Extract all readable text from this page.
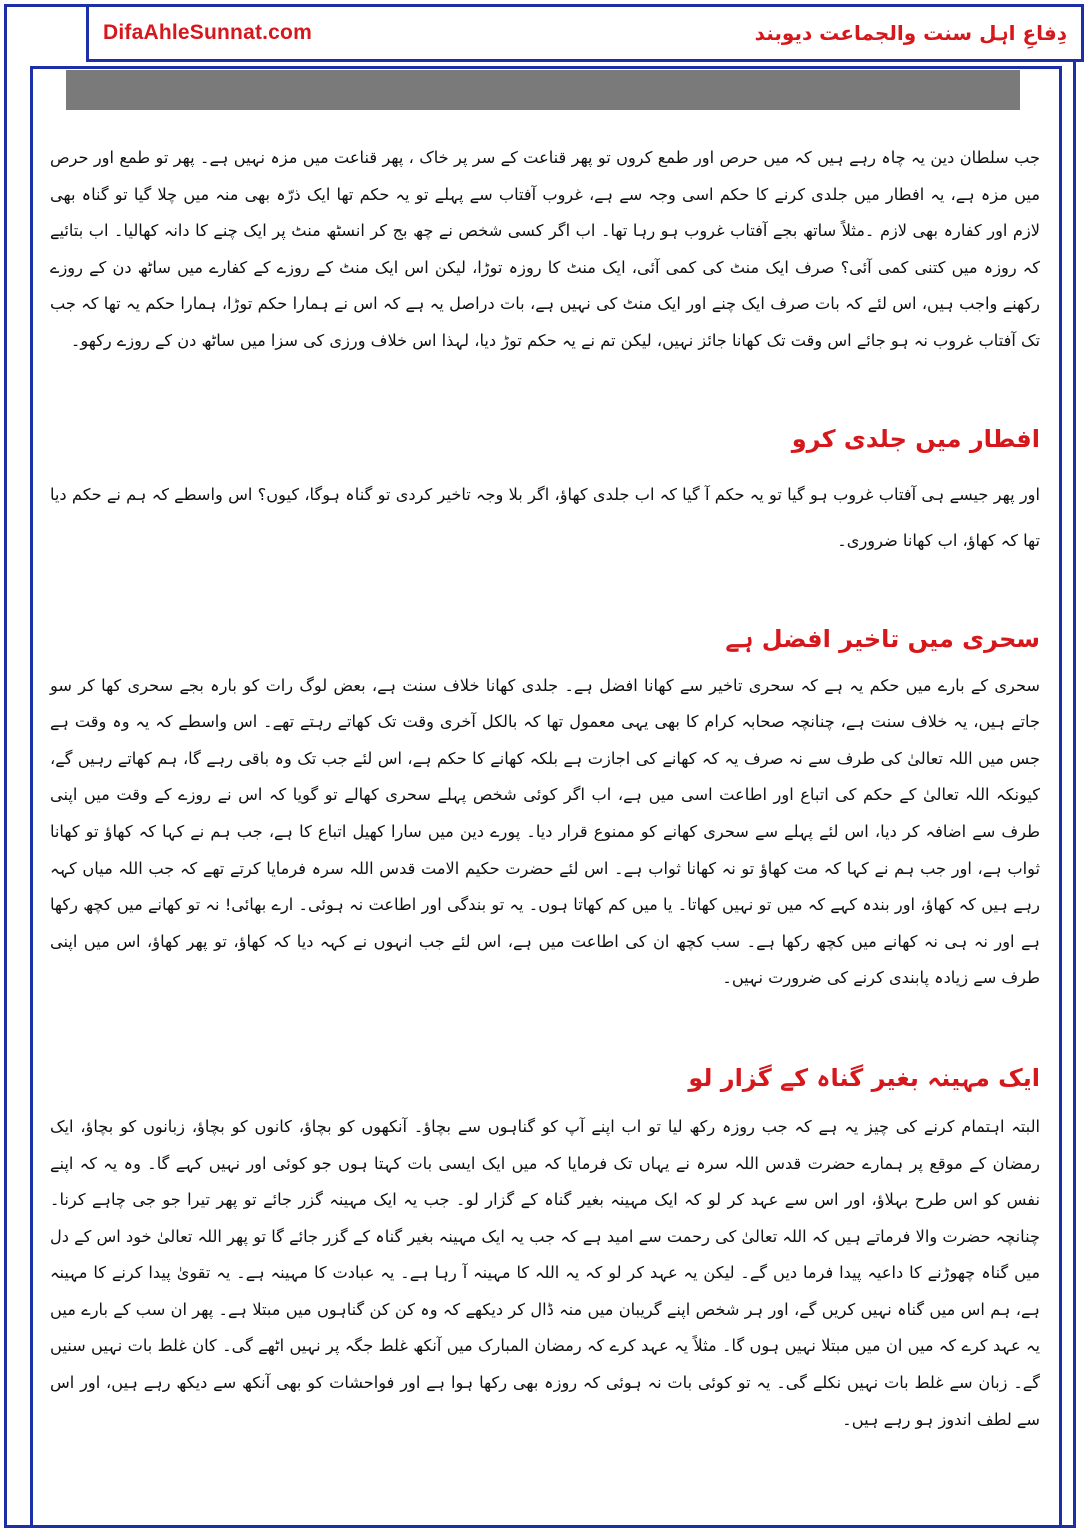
DifaAhleSunnat.com	دِفاعِ اہل سنت والجماعت دیوبند

جب سلطان دین یہ چاہ رہے ہیں کہ میں حرص اور طمع کروں تو پھر قناعت کے سر پر خاک ، پھر قناعت میں مزہ نہیں ہے۔ پھر تو طمع اور حرص میں مزہ ہے، یہ افطار میں جلدی کرنے کا حکم اسی وجہ سے ہے، غروب آفتاب سے پہلے تو یہ حکم تھا ایک ذرّہ بھی منہ میں چلا گیا تو گناہ بھی لازم اور کفارہ بھی لازم ۔مثلاً ساتھ بجے آفتاب غروب ہو رہا تھا۔ اب اگر کسی شخص نے چھ بج کر انسٹھ منٹ پر ایک چنے کا دانہ کھالیا۔ اب بتائیے کہ روزہ میں کتنی کمی آئی؟ صرف ایک منٹ کی کمی آئی، ایک منٹ کا روزہ توڑا، لیکن اس ایک منٹ کے روزے کے کفارے میں ساٹھ دن کے روزے رکھنے واجب ہیں، اس لئے کہ بات صرف ایک چنے اور ایک منٹ کی نہیں ہے، بات دراصل یہ ہے کہ اس نے ہمارا حکم توڑا، ہمارا حکم یہ تھا کہ جب تک آفتاب غروب نہ ہو جائے اس وقت تک کھانا جائز نہیں، لیکن تم نے یہ حکم توڑ دیا، لہذا اس خلاف ورزی کی سزا میں ساٹھ دن کے روزے رکھو۔

افطار میں جلدی کرو

اور پھر جیسے ہی آفتاب غروب ہو گیا تو یہ حکم آ گیا کہ اب جلدی کھاؤ، اگر بلا وجہ تاخیر کردی تو گناہ ہوگا، کیوں؟ اس واسطے کہ ہم نے حکم دیا تھا کہ کھاؤ، اب کھانا ضروری۔

سحری میں تاخیر افضل ہے

سحری کے بارے میں حکم یہ ہے کہ سحری تاخیر سے کھانا افضل ہے۔ جلدی کھانا خلاف سنت ہے، بعض لوگ رات کو بارہ بجے سحری کھا کر سو جاتے ہیں، یہ خلاف سنت ہے، چنانچہ صحابہ کرام کا بھی یہی معمول تھا کہ بالکل آخری وقت تک کھاتے رہتے تھے۔ اس واسطے کہ یہ وہ وقت ہے جس میں اللہ تعالیٰ کی طرف سے نہ صرف یہ کہ کھانے کی اجازت ہے بلکہ کھانے کا حکم ہے، اس لئے جب تک وہ باقی رہے گا، ہم کھاتے رہیں گے، کیونکہ اللہ تعالیٰ کے حکم کی اتباع اور اطاعت اسی میں ہے، اب اگر کوئی شخص پہلے سحری کھالے تو گویا کہ اس نے روزے کے وقت میں اپنی طرف سے اضافہ کر دیا، اس لئے پہلے سے سحری کھانے کو ممنوع قرار دیا۔ پورے دین میں سارا کھیل اتباع کا ہے، جب ہم نے کہا کہ کھاؤ تو کھانا ثواب ہے، اور جب ہم نے کہا کہ مت کھاؤ تو نہ کھانا ثواب ہے۔ اس لئے حضرت حکیم الامت قدس اللہ سرہ فرمایا کرتے تھے کہ جب اللہ میاں کہہ رہے ہیں کہ کھاؤ، اور بندہ کہے کہ میں تو نہیں کھاتا۔ یا میں کم کھاتا ہوں۔ یہ تو بندگی اور اطاعت نہ ہوئی۔ ارے بھائی! نہ تو کھانے میں کچھ رکھا ہے اور نہ ہی نہ کھانے میں کچھ رکھا ہے۔ سب کچھ ان کی اطاعت میں ہے، اس لئے جب انہوں نے کہہ دیا کہ کھاؤ، تو پھر کھاؤ، اس میں اپنی طرف سے زیادہ پابندی کرنے کی ضرورت نہیں۔

ایک مہینہ بغیر گناہ کے گزار لو

البتہ اہتمام کرنے کی چیز یہ ہے کہ جب روزہ رکھ لیا تو اب اپنے آپ کو گناہوں سے بچاؤ۔ آنکھوں کو بچاؤ، کانوں کو بچاؤ، زبانوں کو بچاؤ، ایک رمضان کے موقع پر ہمارے حضرت قدس اللہ سرہ نے یہاں تک فرمایا کہ میں ایک ایسی بات کہتا ہوں جو کوئی اور نہیں کہے گا۔ وہ یہ کہ اپنے نفس کو اس طرح بہلاؤ، اور اس سے عہد کر لو کہ ایک مہینہ بغیر گناہ کے گزار لو۔ جب یہ ایک مہینہ گزر جائے تو پھر تیرا جو جی چاہے کرنا۔ چنانچہ حضرت والا فرماتے ہیں کہ اللہ تعالیٰ کی رحمت سے امید ہے کہ جب یہ ایک مہینہ بغیر گناہ کے گزر جائے گا تو پھر اللہ تعالیٰ خود اس کے دل میں گناہ چھوڑنے کا داعیہ پیدا فرما دیں گے۔ لیکن یہ عہد کر لو کہ یہ اللہ کا مہینہ آ رہا ہے۔ یہ عبادت کا مہینہ ہے۔ یہ تقویٰ پیدا کرنے کا مہینہ ہے، ہم اس میں گناہ نہیں کریں گے، اور ہر شخص اپنے گریبان میں منہ ڈال کر دیکھے کہ وہ کن کن گناہوں میں مبتلا ہے۔ پھر ان سب کے بارے میں یہ عہد کرے کہ میں ان میں مبتلا نہیں ہوں گا۔ مثلاً یہ عہد کرے کہ رمضان المبارک میں آنکھ غلط جگہ پر نہیں اٹھے گی۔ کان غلط بات نہیں سنیں گے۔ زبان سے غلط بات نہیں نکلے گی۔ یہ تو کوئی بات نہ ہوئی کہ روزہ بھی رکھا ہوا ہے اور فواحشات کو بھی آنکھ سے دیکھ رہے ہیں، اور اس سے لطف اندوز ہو رہے ہیں۔
